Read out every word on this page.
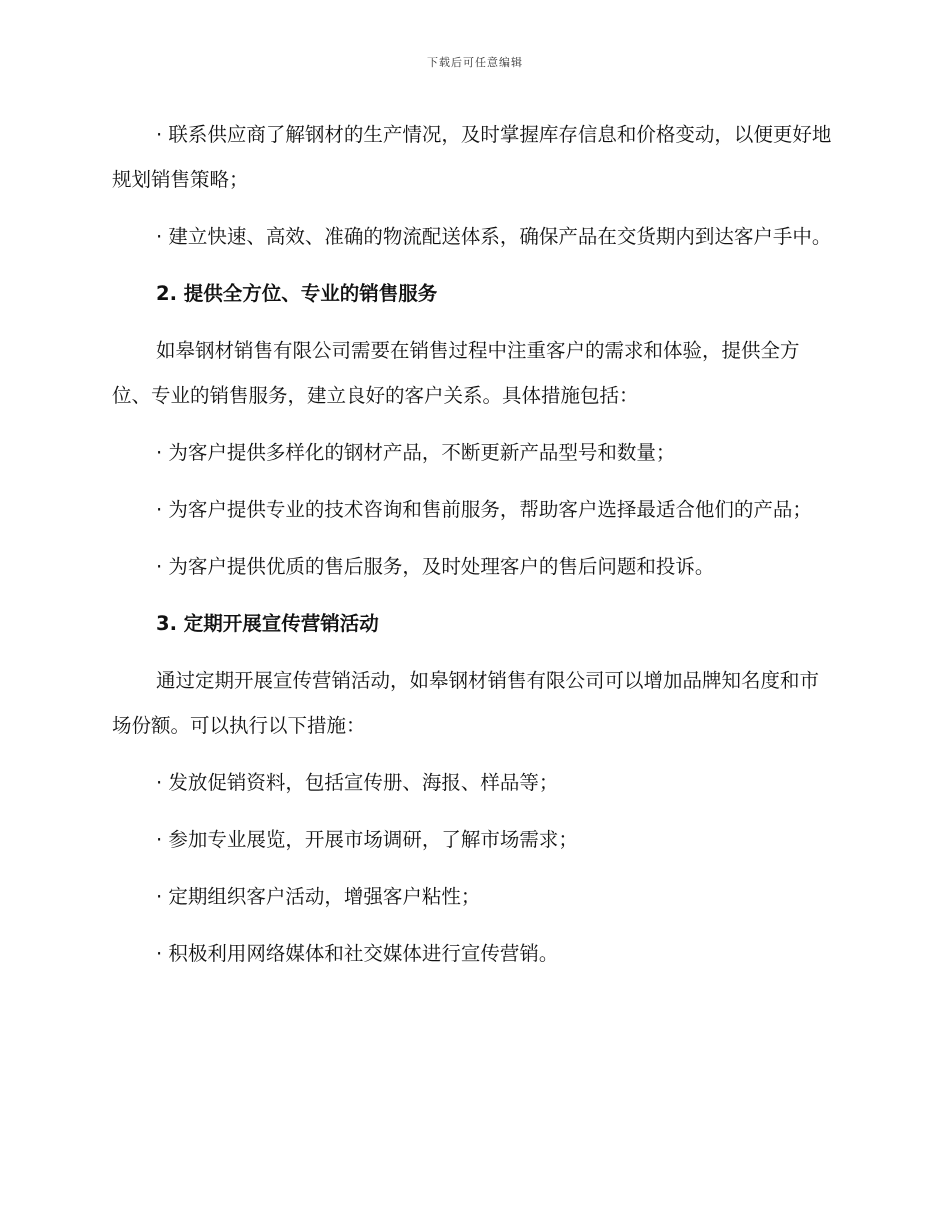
下载后可任意编辑

· 联系供应商了解钢材的生产情况，及时掌握库存信息和价格变动，以便更好地规划销售策略；

· 建立快速、高效、准确的物流配送体系，确保产品在交货期内到达客户手中。

2. 提供全方位、专业的销售服务

如皋钢材销售有限公司需要在销售过程中注重客户的需求和体验，提供全方位、专业的销售服务，建立良好的客户关系。具体措施包括：

· 为客户提供多样化的钢材产品，不断更新产品型号和数量；

· 为客户提供专业的技术咨询和售前服务，帮助客户选择最适合他们的产品；

· 为客户提供优质的售后服务，及时处理客户的售后问题和投诉。

3. 定期开展宣传营销活动

通过定期开展宣传营销活动，如皋钢材销售有限公司可以增加品牌知名度和市场份额。可以执行以下措施：

· 发放促销资料，包括宣传册、海报、样品等；

· 参加专业展览，开展市场调研，了解市场需求；

· 定期组织客户活动，增强客户粘性；

· 积极利用网络媒体和社交媒体进行宣传营销。
